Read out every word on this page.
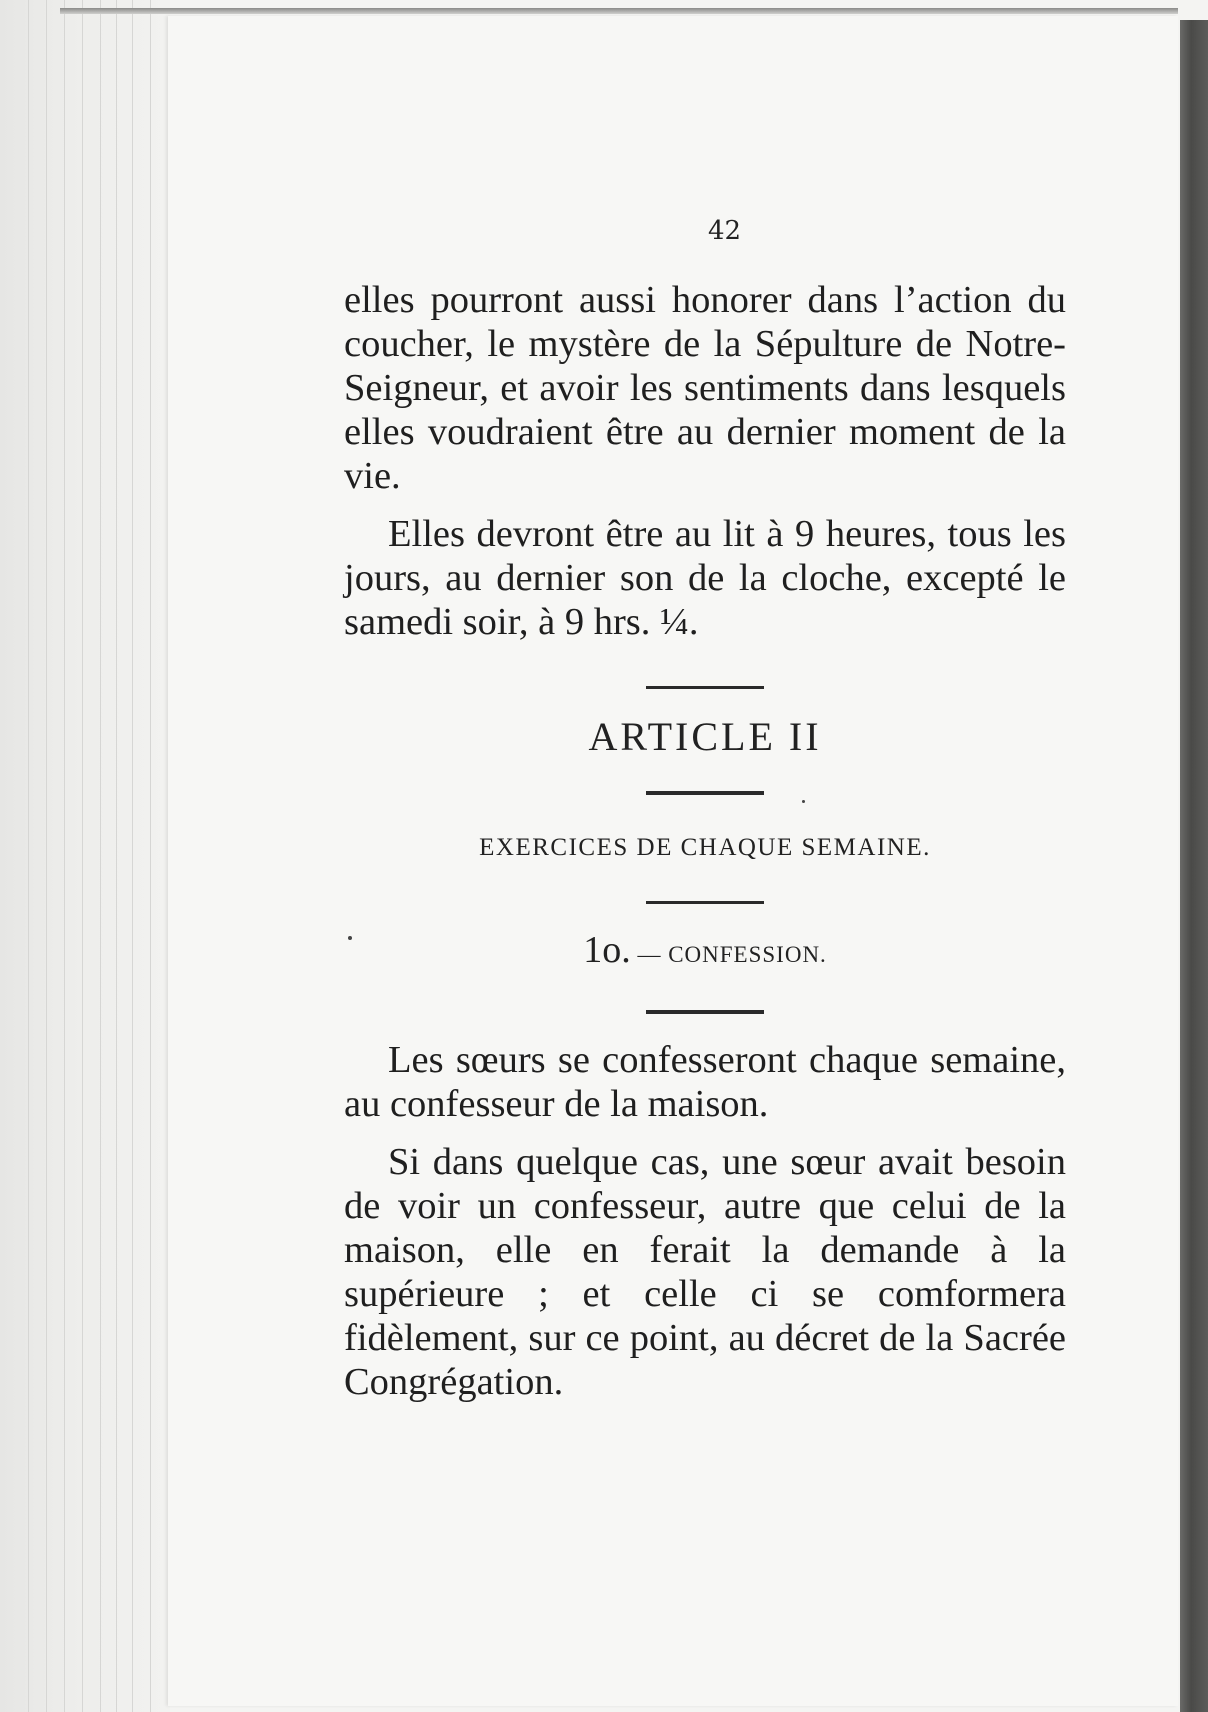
42

elles pourront aussi honorer dans l’action du coucher, le mystère de la Sépulture de Notre-Seigneur, et avoir les sentiments dans lesquels elles voudraient être au dernier moment de la vie.

Elles devront être au lit à 9 heures, tous les jours, au dernier son de la cloche, excepté le samedi soir, à 9 hrs. ¼.

ARTICLE II

EXERCICES DE CHAQUE SEMAINE.

1o. — CONFESSION.

Les sœurs se confesseront chaque semaine, au confesseur de la maison.

Si dans quelque cas, une sœur avait besoin de voir un confesseur, autre que celui de la maison, elle en ferait la demande à la supérieure ; et celle ci se comformera fidèlement, sur ce point, au décret de la Sacrée Congrégation.
